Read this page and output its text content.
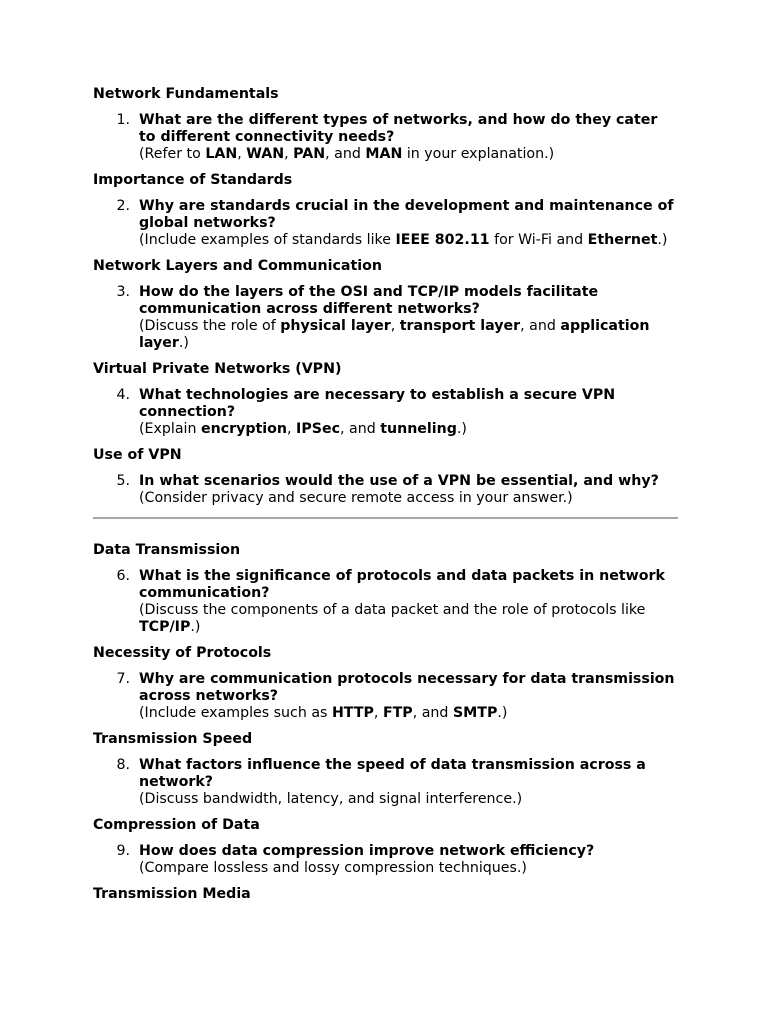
Network Fundamentals
1. What are the different types of networks, and how do they cater to different connectivity needs?
(Refer to LAN, WAN, PAN, and MAN in your explanation.)
Importance of Standards
2. Why are standards crucial in the development and maintenance of global networks?
(Include examples of standards like IEEE 802.11 for Wi-Fi and Ethernet.)
Network Layers and Communication
3. How do the layers of the OSI and TCP/IP models facilitate communication across different networks?
(Discuss the role of physical layer, transport layer, and application layer.)
Virtual Private Networks (VPN)
4. What technologies are necessary to establish a secure VPN connection?
(Explain encryption, IPSec, and tunneling.)
Use of VPN
5. In what scenarios would the use of a VPN be essential, and why?
(Consider privacy and secure remote access in your answer.)
Data Transmission
6. What is the significance of protocols and data packets in network communication?
(Discuss the components of a data packet and the role of protocols like TCP/IP.)
Necessity of Protocols
7. Why are communication protocols necessary for data transmission across networks?
(Include examples such as HTTP, FTP, and SMTP.)
Transmission Speed
8. What factors influence the speed of data transmission across a network?
(Discuss bandwidth, latency, and signal interference.)
Compression of Data
9. How does data compression improve network efficiency?
(Compare lossless and lossy compression techniques.)
Transmission Media
